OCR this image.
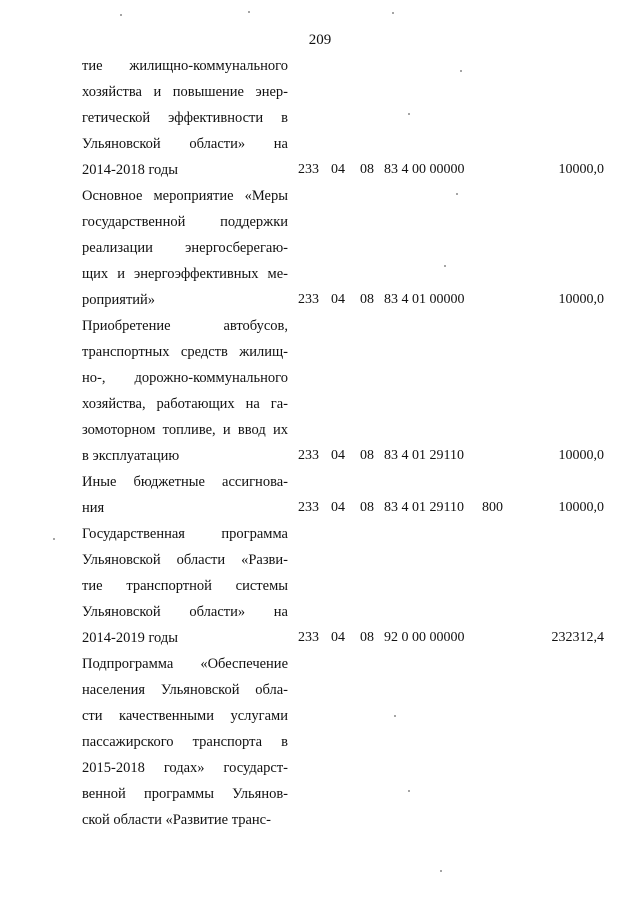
209
тие жилищно-коммунального
хозяйства и повышение энер-
гетической эффективности в
Ульяновской области» на
2014-2018 годы	233 04 08 83 4 00 00000	10000,0
Основное мероприятие «Меры
государственной поддержки
реализации энергосберегаю-
щих и энергоэффективных ме-
роприятий»	233 04 08 83 4 01 00000	10000,0
Приобретение автобусов,
транспортных средств жилищ-
но-, дорожно-коммунального
хозяйства, работающих на га-
зомоторном топливе, и ввод их
в эксплуатацию	233 04 08 83 4 01 29110	10000,0
Иные бюджетные ассигнова-
ния	233 04 08 83 4 01 29110 800	10000,0
Государственная программа
Ульяновской области «Разви-
тие транспортной системы
Ульяновской области» на
2014-2019 годы	233 04 08 92 0 00 00000	232312,4
Подпрограмма «Обеспечение
населения Ульяновской обла-
сти качественными услугами
пассажирского транспорта в
2015-2018 годах» государст-
венной программы Ульянов-
ской области «Развитие транс-
